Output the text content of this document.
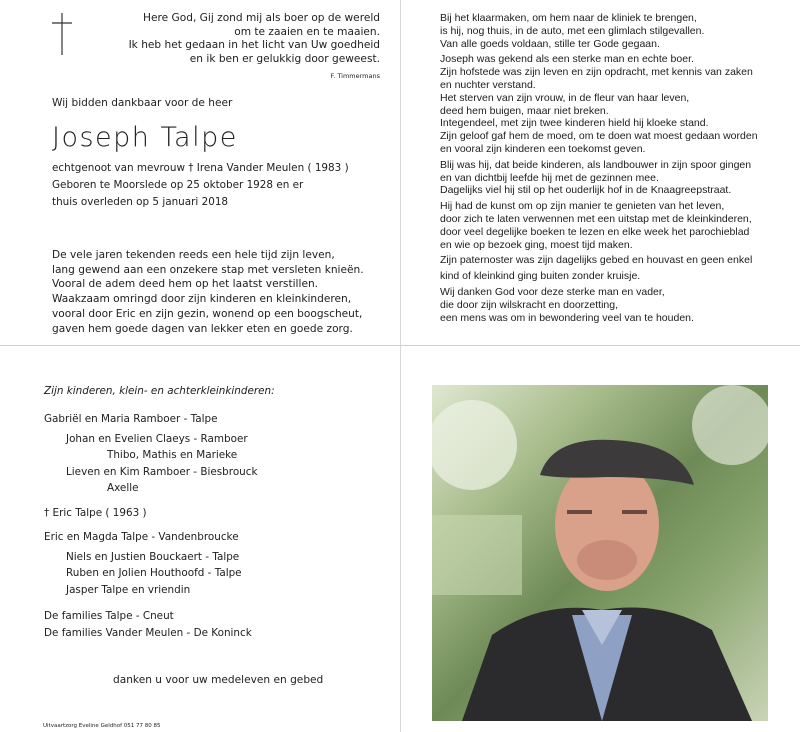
Here God, Gij zond mij als boer op de wereld
om te zaaien en te maaien.
Ik heb het gedaan in het licht van Uw goedheid
en ik ben er gelukkig door geweest.
F. Timmermans
Wij bidden dankbaar voor de heer
Joseph Talpe
echtgenoot van mevrouw † Irena Vander Meulen ( 1983 )
Geboren te Moorslede op 25 oktober 1928 en er
thuis overleden op 5 januari 2018
De vele jaren tekenden reeds een hele tijd zijn leven,
lang gewend aan een onzekere stap met versleten knieën.
Vooral de adem deed hem op het laatst verstillen.
Waakzaam omringd door zijn kinderen en kleinkinderen,
vooral door Eric en zijn gezin, wonend op een boogscheut,
gaven hem goede dagen van lekker eten en goede zorg.

Bij het klaarmaken, om hem naar de kliniek te brengen,
is hij, nog thuis, in de auto, met een glimlach stilgevallen.
Van alle goeds voldaan, stille ter Gode gegaan.

Joseph was gekend als een sterke man en echte boer.
Zijn hofstede was zijn leven en zijn opdracht, met kennis van zaken
en nuchter verstand.
Het sterven van zijn vrouw, in de fleur van haar leven,
deed hem buigen, maar niet breken.
Integendeel, met zijn twee kinderen hield hij kloeke stand.
Zijn geloof gaf hem de moed, om te doen wat moest gedaan worden
en vooral zijn kinderen een toekomst geven.

Blij was hij, dat beide kinderen, als landbouwer in zijn spoor gingen
en van dichtbij leefde hij met de gezinnen mee.
Dagelijks viel hij stil op het ouderlijk hof in de Knaagreepstraat.

Hij had de kunst om op zijn manier te genieten van het leven,
door zich te laten verwennen met een uitstap met de kleinkinderen,
door veel degelijke boeken te lezen en elke week het parochieblad
en wie op bezoek ging, moest tijd maken.

Zijn paternoster was zijn dagelijks gebed en houvast en geen enkel

kind of kleinkind ging buiten zonder kruisje.

Wij danken God voor deze sterke man en vader,
die door zijn wilskracht en doorzetting,
een mens was om in bewondering veel van te houden.

Zijn kinderen, klein- en achterkleinkinderen:
Gabriël en Maria Ramboer - Talpe
Johan en Evelien Claeys - Ramboer
Thibo, Mathis en Marieke
Lieven en Kim Ramboer - Biesbrouck
Axelle
† Eric Talpe ( 1963 )
Eric en Magda Talpe - Vandenbroucke
Niels en Justien Bouckaert - Talpe
Ruben en Jolien Houthoofd - Talpe
Jasper Talpe en vriendin
De families Talpe - Cneut
De families Vander Meulen - De Koninck
danken u voor uw medeleven en gebed
Uitvaartzorg Eveline Geldhof 051 77 80 85
